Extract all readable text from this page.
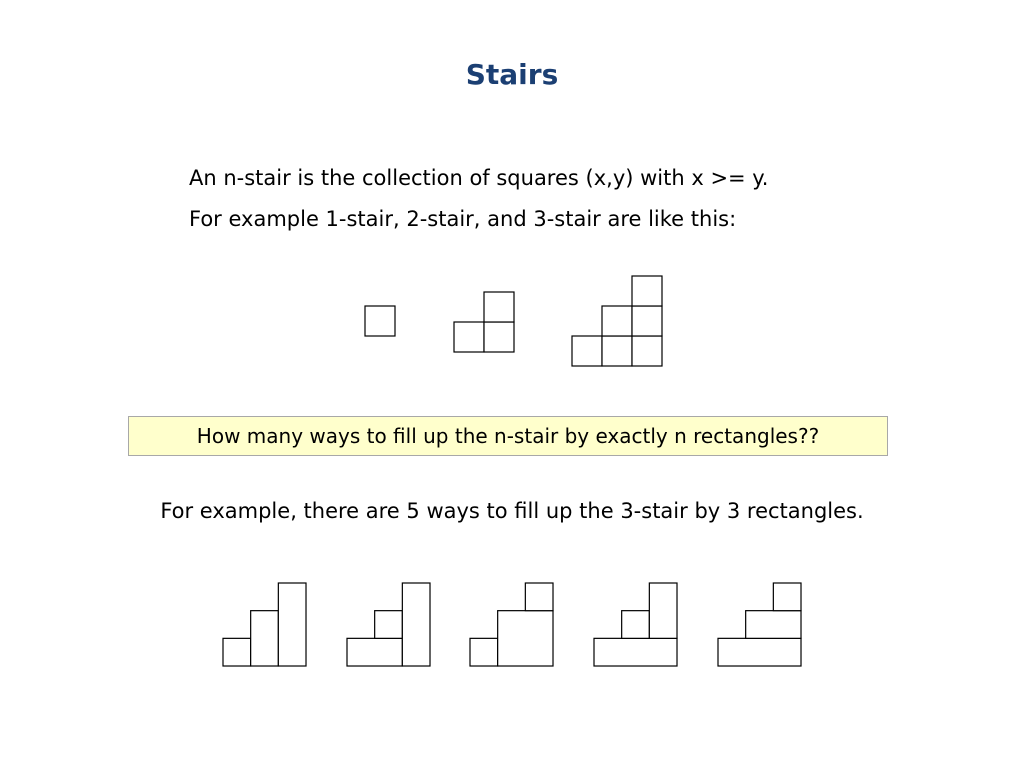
Stairs

An n-stair is the collection of squares (x,y) with x >= y.

For example 1-stair, 2-stair, and 3-stair are like this:

How many ways to fill up the n-stair by exactly n rectangles??

For example, there are 5 ways to fill up the 3-stair by 3 rectangles.
